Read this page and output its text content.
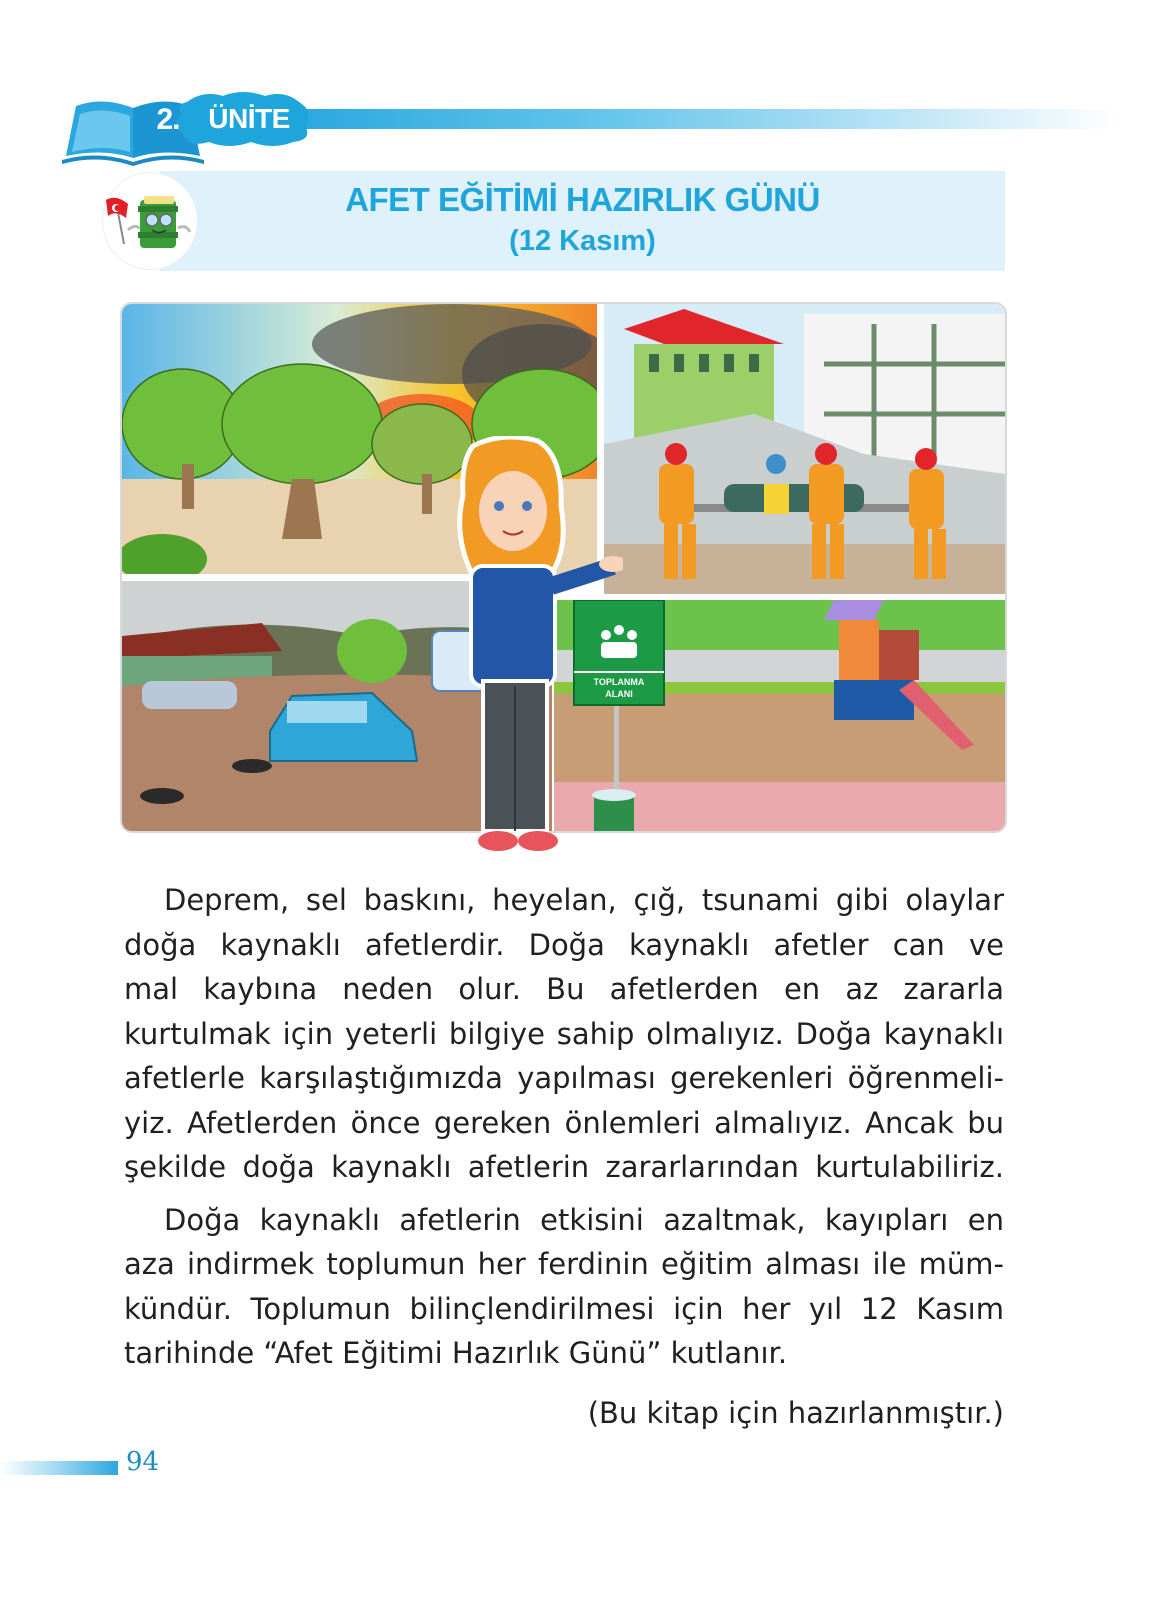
2.	ÜNİTE
AFET EĞİTİMİ HAZIRLIK GÜNÜ
(12 Kasım)
TOPLANMA
ALANI

Deprem, sel baskını, heyelan, çığ, tsunami gibi olaylar
doğa kaynaklı afetlerdir. Doğa kaynaklı afetler can ve
mal kaybına neden olur. Bu afetlerden en az zararla
kurtulmak için yeterli bilgiye sahip olmalıyız. Doğa kaynaklı
afetlerle karşılaştığımızda yapılması gerekenleri öğrenmeli-
yiz. Afetlerden önce gereken önlemleri almalıyız. Ancak bu
şekilde doğa kaynaklı afetlerin zararlarından kurtulabiliriz.

Doğa kaynaklı afetlerin etkisini azaltmak, kayıpları en
aza indirmek toplumun her ferdinin eğitim alması ile müm-
kündür. Toplumun bilinçlendirilmesi için her yıl 12 Kasım
tarihinde “Afet Eğitimi Hazırlık Günü” kutlanır.

(Bu kitap için hazırlanmıştır.)
94
